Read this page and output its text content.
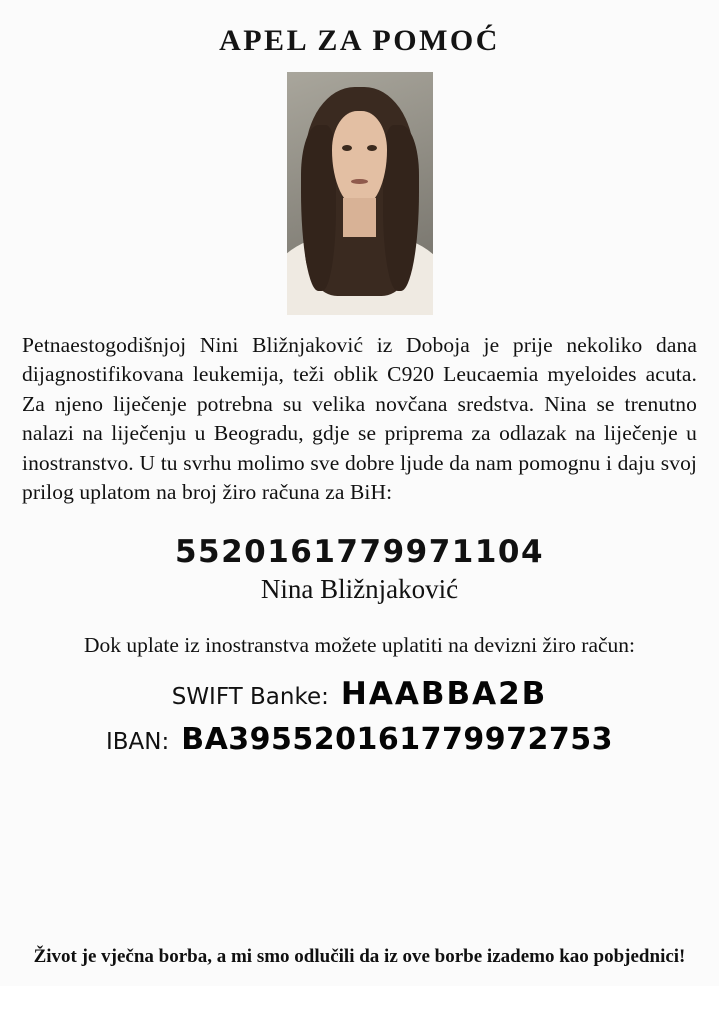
APEL ZA POMOĆ

Petnaestogodišnjoj Nini Bližnjaković iz Doboja je prije nekoliko dana dijagnostifikovana leukemija, teži oblik C920 Leucaemia myeloides acuta. Za njeno liječenje potrebna su velika novčana sredstva. Nina se trenutno nalazi na liječenju u Beogradu, gdje se priprema za odlazak na liječenje u inostranstvo. U tu svrhu molimo sve dobre ljude da nam pomognu i daju svoj prilog uplatom na broj žiro računa za BiH:

5520161779971104
Nina Bližnjaković
Dok uplate iz inostranstva možete uplatiti na devizni žiro račun:
SWIFT Banke: HAABBA2B
IBAN: BA395520161779972753
Život je vječna borba, a mi smo odlučili da iz ove borbe izademo kao pobjednici!
